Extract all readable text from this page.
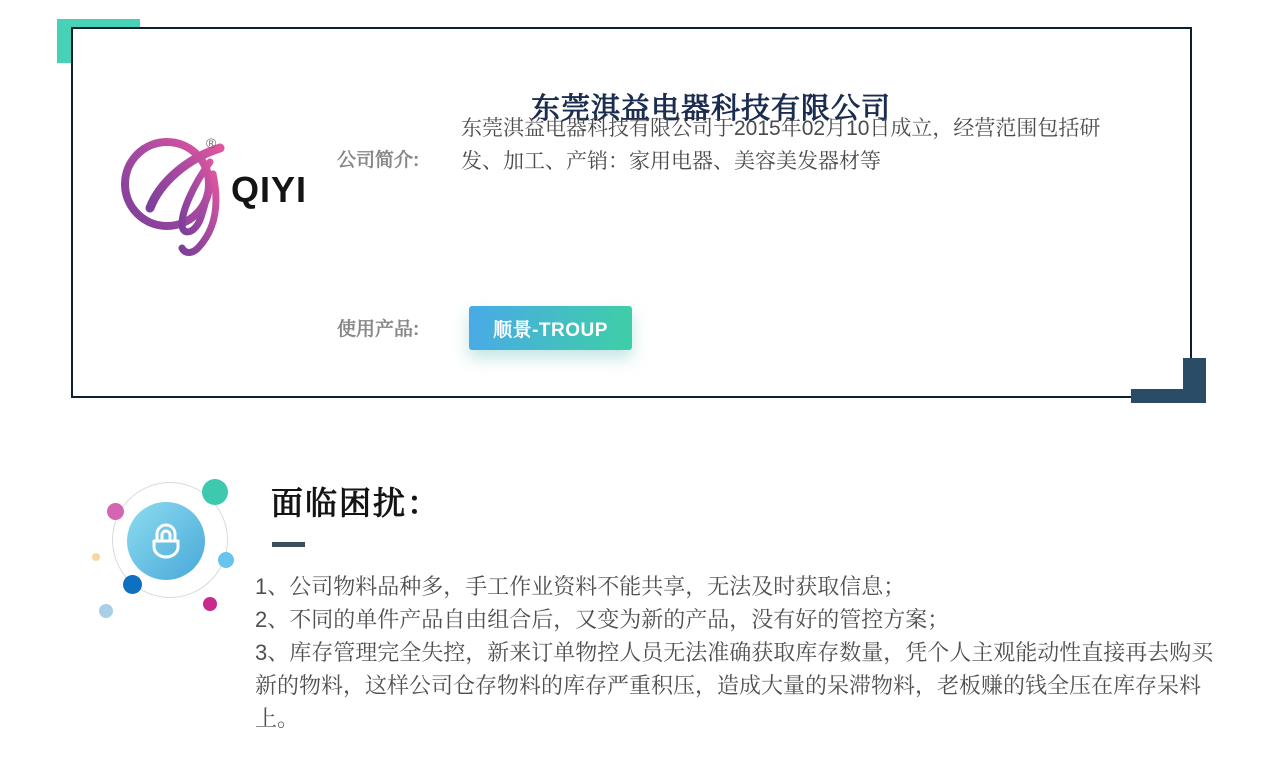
东莞淇益电器科技有限公司
®
QIYI
公司简介:
东莞淇益电器科技有限公司于2015年02月10日成立，经营范围包括研发、加工、产销：家用电器、美容美发器材等
使用产品:	顺景-TROUP
面临困扰：
1、公司物料品种多，手工作业资料不能共享，无法及时获取信息；
2、不同的单件产品自由组合后，又变为新的产品，没有好的管控方案；
3、库存管理完全失控，新来订单物控人员无法准确获取库存数量，凭个人主观能动性直接再去购买新的物料，这样公司仓存物料的库存严重积压，造成大量的呆滞物料，老板赚的钱全压在库存呆料上。
